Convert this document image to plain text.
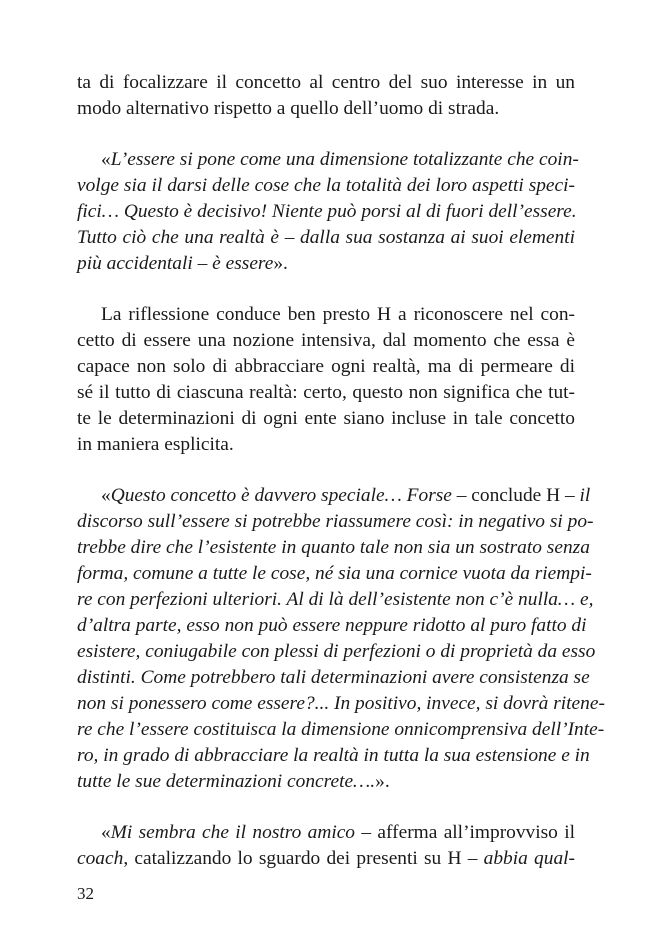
ta di focalizzare il concetto al centro del suo interesse in un
modo alternativo rispetto a quello dell’uomo di strada.
«L’essere si pone come una dimensione totalizzante che coin-
volge sia il darsi delle cose che la totalità dei loro aspetti speci-
fici… Questo è decisivo! Niente può porsi al di fuori dell’essere.
Tutto ciò che una realtà è – dalla sua sostanza ai suoi elementi
più accidentali – è essere».
La riflessione conduce ben presto H a riconoscere nel con-
cetto di essere una nozione intensiva, dal momento che essa è
capace non solo di abbracciare ogni realtà, ma di permeare di
sé il tutto di ciascuna realtà: certo, questo non significa che tut-
te le determinazioni di ogni ente siano incluse in tale concetto
in maniera esplicita.
«Questo concetto è davvero speciale… Forse – conclude H – il
discorso sull’essere si potrebbe riassumere così: in negativo si po-
trebbe dire che l’esistente in quanto tale non sia un sostrato senza
forma, comune a tutte le cose, né sia una cornice vuota da riempi-
re con perfezioni ulteriori. Al di là dell’esistente non c’è nulla… e,
d’altra parte, esso non può essere neppure ridotto al puro fatto di
esistere, coniugabile con plessi di perfezioni o di proprietà da esso
distinti. Come potrebbero tali determinazioni avere consistenza se
non si ponessero come essere?... In positivo, invece, si dovrà ritene-
re che l’essere costituisca la dimensione onnicomprensiva dell’Inte-
ro, in grado di abbracciare la realtà in tutta la sua estensione e in
tutte le sue determinazioni concrete….».
«Mi sembra che il nostro amico – afferma all’improvviso il
coach, catalizzando lo sguardo dei presenti su H – abbia qual-
32
